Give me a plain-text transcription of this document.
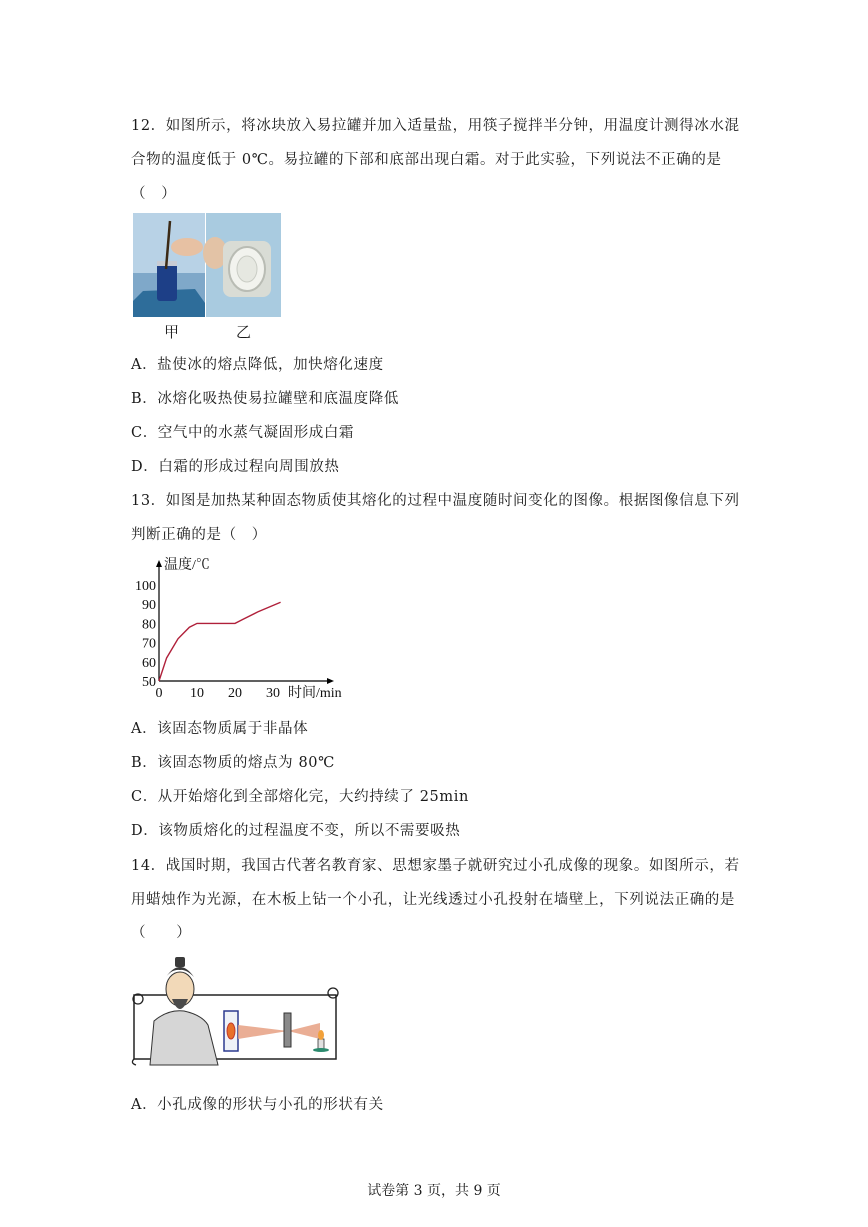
12．如图所示，将冰块放入易拉罐并加入适量盐，用筷子搅拌半分钟，用温度计测得冰水混
合物的温度低于 0℃。易拉罐的下部和底部出现白霜。对于此实验，下列说法不正确的是
（　）
甲	乙
A．盐使冰的熔点降低，加快熔化速度
B．冰熔化吸热使易拉罐壁和底温度降低
C．空气中的水蒸气凝固形成白霜
D．白霜的形成过程向周围放热
13．如图是加热某种固态物质使其熔化的过程中温度随时间变化的图像。根据图像信息下列
判断正确的是（　）
温度/℃
50
60
70
80
90
100
0 10 20 30 时间/min
A．该固态物质属于非晶体
B．该固态物质的熔点为 80℃
C．从开始熔化到全部熔化完，大约持续了 25min
D．该物质熔化的过程温度不变，所以不需要吸热
14．战国时期，我国古代著名教育家、思想家墨子就研究过小孔成像的现象。如图所示，若
用蜡烛作为光源，在木板上钻一个小孔，让光线透过小孔投射在墙壁上，下列说法正确的是
（　　）
A．小孔成像的形状与小孔的形状有关
试卷第 3 页，共 9 页
